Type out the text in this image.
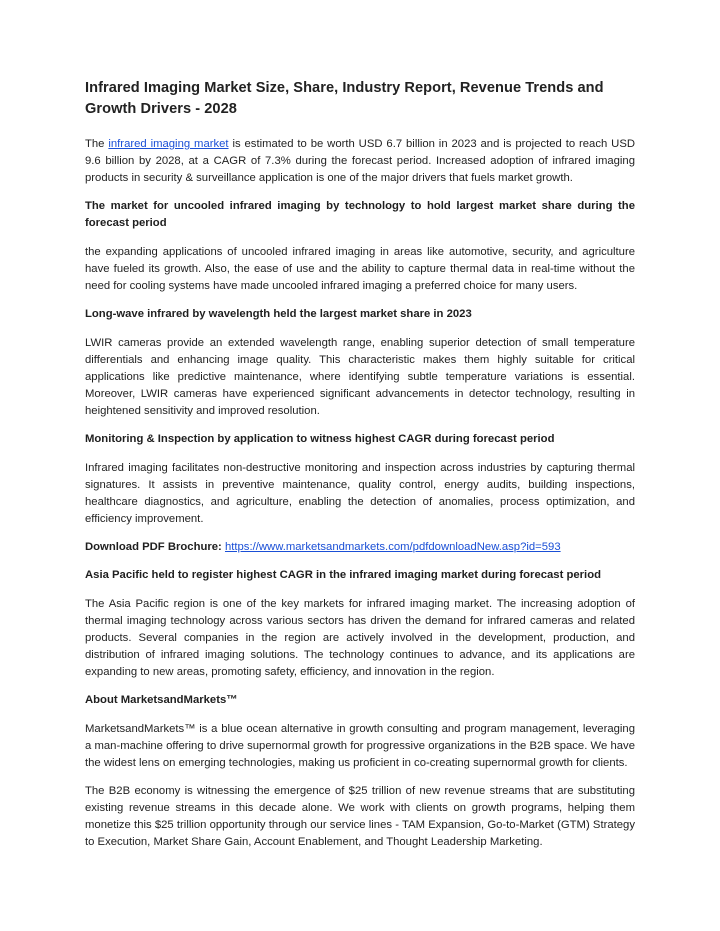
Infrared Imaging Market Size, Share, Industry Report, Revenue Trends and Growth Drivers - 2028

The infrared imaging market is estimated to be worth USD 6.7 billion in 2023 and is projected to reach USD 9.6 billion by 2028, at a CAGR of 7.3% during the forecast period. Increased adoption of infrared imaging products in security & surveillance application is one of the major drivers that fuels market growth.

The market for uncooled infrared imaging by technology to hold largest market share during the forecast period

the expanding applications of uncooled infrared imaging in areas like automotive, security, and agriculture have fueled its growth. Also, the ease of use and the ability to capture thermal data in real-time without the need for cooling systems have made uncooled infrared imaging a preferred choice for many users.

Long-wave infrared by wavelength held the largest market share in 2023

LWIR cameras provide an extended wavelength range, enabling superior detection of small temperature differentials and enhancing image quality. This characteristic makes them highly suitable for critical applications like predictive maintenance, where identifying subtle temperature variations is essential. Moreover, LWIR cameras have experienced significant advancements in detector technology, resulting in heightened sensitivity and improved resolution.

Monitoring & Inspection by application to witness highest CAGR during forecast period

Infrared imaging facilitates non-destructive monitoring and inspection across industries by capturing thermal signatures. It assists in preventive maintenance, quality control, energy audits, building inspections, healthcare diagnostics, and agriculture, enabling the detection of anomalies, process optimization, and efficiency improvement.

Download PDF Brochure: https://www.marketsandmarkets.com/pdfdownloadNew.asp?id=593

Asia Pacific held to register highest CAGR in the infrared imaging market during forecast period

The Asia Pacific region is one of the key markets for infrared imaging market. The increasing adoption of thermal imaging technology across various sectors has driven the demand for infrared cameras and related products. Several companies in the region are actively involved in the development, production, and distribution of infrared imaging solutions. The technology continues to advance, and its applications are expanding to new areas, promoting safety, efficiency, and innovation in the region.

About MarketsandMarkets™

MarketsandMarkets™ is a blue ocean alternative in growth consulting and program management, leveraging a man-machine offering to drive supernormal growth for progressive organizations in the B2B space. We have the widest lens on emerging technologies, making us proficient in co-creating supernormal growth for clients.

The B2B economy is witnessing the emergence of $25 trillion of new revenue streams that are substituting existing revenue streams in this decade alone. We work with clients on growth programs, helping them monetize this $25 trillion opportunity through our service lines - TAM Expansion, Go-to-Market (GTM) Strategy to Execution, Market Share Gain, Account Enablement, and Thought Leadership Marketing.
